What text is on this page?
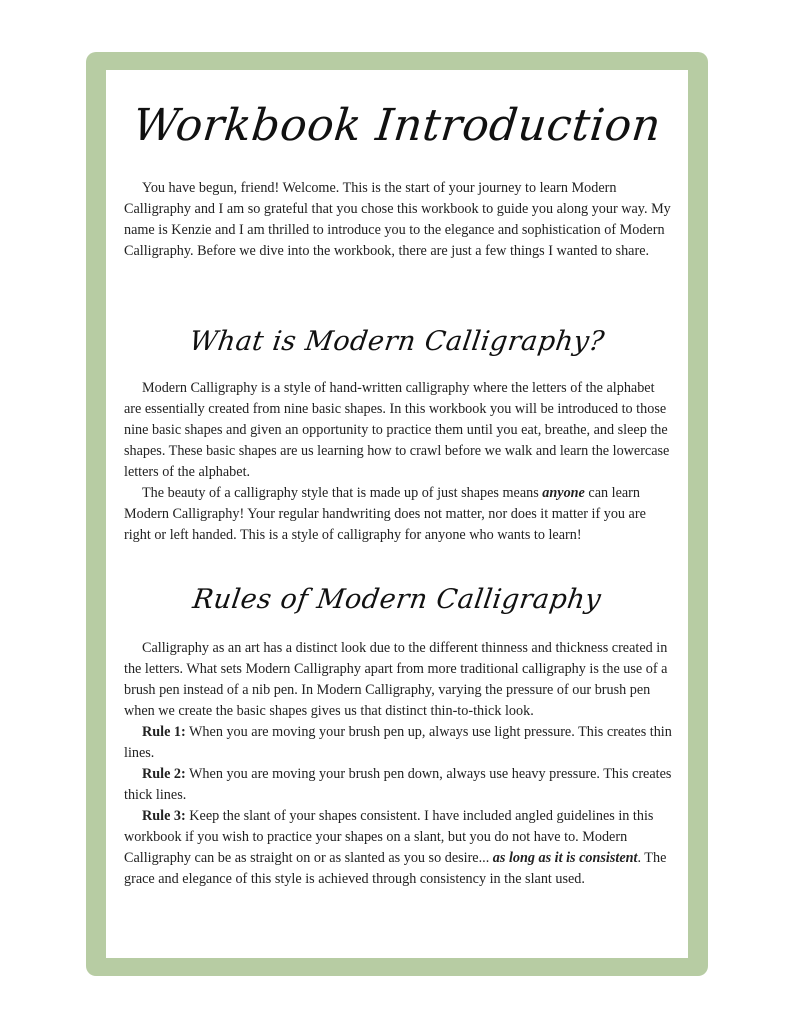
Workbook Introduction

You have begun, friend! Welcome. This is the start of your journey to learn Modern Calligraphy and I am so grateful that you chose this workbook to guide you along your way. My name is Kenzie and I am thrilled to introduce you to the elegance and sophistication of Modern Calligraphy. Before we dive into the workbook, there are just a few things I wanted to share.

What is Modern Calligraphy?

Modern Calligraphy is a style of hand-written calligraphy where the letters of the alphabet are essentially created from nine basic shapes. In this workbook you will be introduced to those nine basic shapes and given an opportunity to practice them until you eat, breathe, and sleep the shapes. These basic shapes are us learning how to crawl before we walk and learn the lowercase letters of the alphabet.

The beauty of a calligraphy style that is made up of just shapes means anyone can learn Modern Calligraphy! Your regular handwriting does not matter, nor does it matter if you are right or left handed. This is a style of calligraphy for anyone who wants to learn!

Rules of Modern Calligraphy

Calligraphy as an art has a distinct look due to the different thinness and thickness created in the letters. What sets Modern Calligraphy apart from more traditional calligraphy is the use of a brush pen instead of a nib pen. In Modern Calligraphy, varying the pressure of our brush pen when we create the basic shapes gives us that distinct thin-to-thick look.

Rule 1: When you are moving your brush pen up, always use light pressure. This creates thin lines.

Rule 2: When you are moving your brush pen down, always use heavy pressure. This creates thick lines.

Rule 3: Keep the slant of your shapes consistent. I have included angled guidelines in this workbook if you wish to practice your shapes on a slant, but you do not have to. Modern Calligraphy can be as straight on or as slanted as you so desire... as long as it is consistent. The grace and elegance of this style is achieved through consistency in the slant used.
